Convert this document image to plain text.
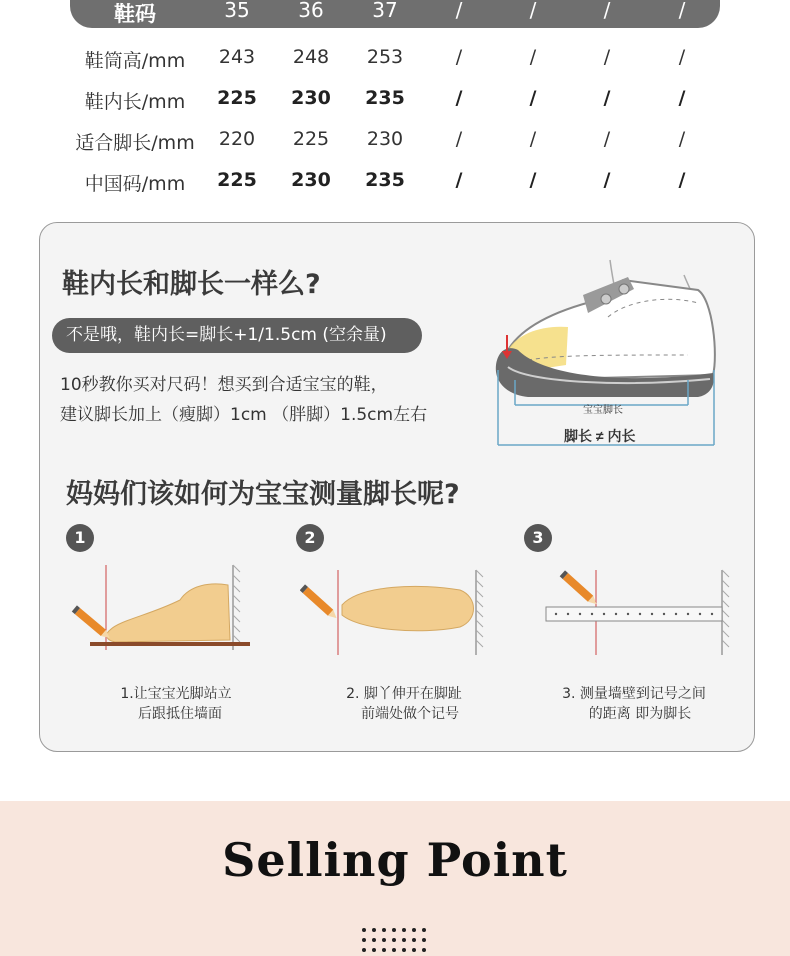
鞋码	35	36	37	/	/	/	/
鞋筒高/mm	243	248	253	/	/	/	/
鞋内长/mm	225	230	235	/	/	/	/
适合脚长/mm	220	225	230	/	/	/	/
中国码/mm	225	230	235	/	/	/	/
鞋内长和脚长一样么?
不是哦，鞋内长=脚长+1/1.5cm (空余量)
10秒教你买对尺码！想买到合适宝宝的鞋，
建议脚长加上（瘦脚）1cm （胖脚）1.5cm左右	宝宝脚长
脚长 ≠ 内长
妈妈们该如何为宝宝测量脚长呢?
1
1.让宝宝光脚站立
后跟抵住墙面
2
2. 脚丫伸开在脚趾
前端处做个记号
3
3. 测量墙壁到记号之间
的距离 即为脚长
Selling Point
